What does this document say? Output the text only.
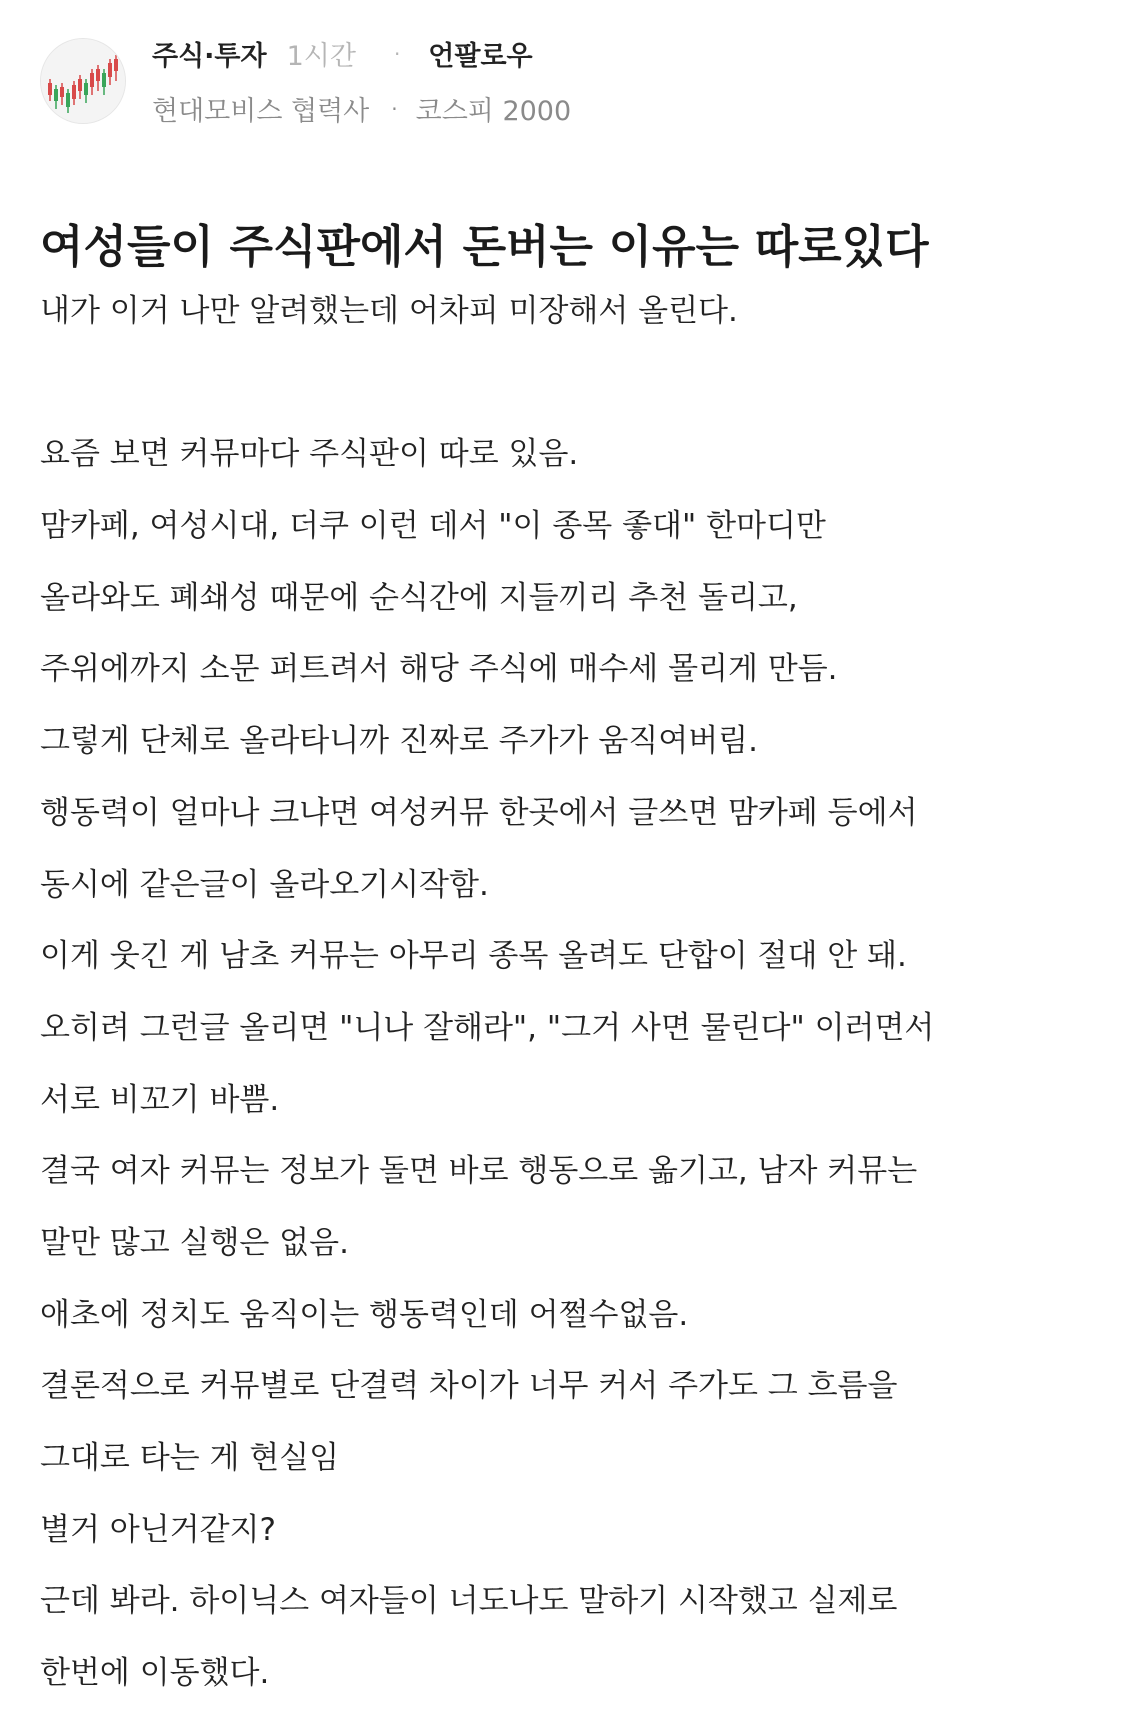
주식·투자 1시간 · 언팔로우
현대모비스 협력사 · 코스피 2000
여성들이 주식판에서 돈버는 이유는 따로있다
내가 이거 나만 알려했는데 어차피 미장해서 올린다.
요즘 보면 커뮤마다 주식판이 따로 있음.
맘카페, 여성시대, 더쿠 이런 데서 "이 종목 좋대" 한마디만
올라와도 폐쇄성 때문에 순식간에 지들끼리 추천 돌리고,
주위에까지 소문 퍼트려서 해당 주식에 매수세 몰리게 만듬.
그렇게 단체로 올라타니까 진짜로 주가가 움직여버림.
행동력이 얼마나 크냐면 여성커뮤 한곳에서 글쓰면 맘카페 등에서
동시에 같은글이 올라오기시작함.
이게 웃긴 게 남초 커뮤는 아무리 종목 올려도 단합이 절대 안 돼.
오히려 그런글 올리면 "니나 잘해라", "그거 사면 물린다" 이러면서
서로 비꼬기 바쁨.
결국 여자 커뮤는 정보가 돌면 바로 행동으로 옮기고, 남자 커뮤는
말만 많고 실행은 없음.
애초에 정치도 움직이는 행동력인데 어쩔수없음.
결론적으로 커뮤별로 단결력 차이가 너무 커서 주가도 그 흐름을
그대로 타는 게 현실임
별거 아닌거같지?
근데 봐라. 하이닉스 여자들이 너도나도 말하기 시작했고 실제로
한번에 이동했다.
